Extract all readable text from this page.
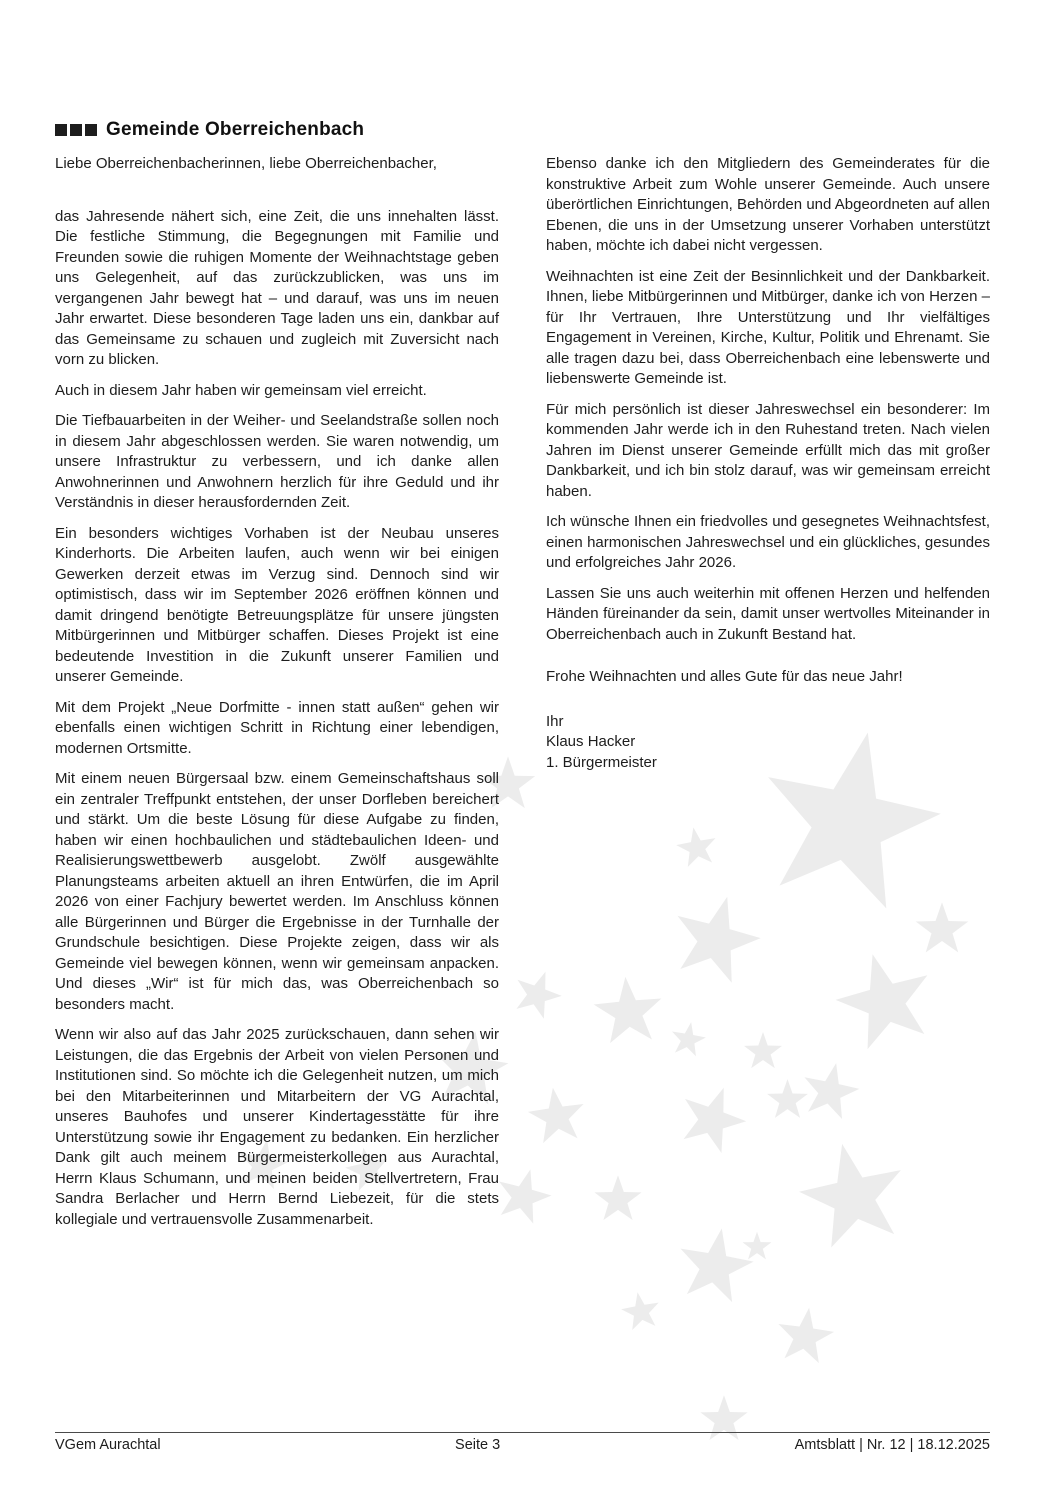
Gemeinde Oberreichenbach

Liebe Oberreichenbacherinnen, liebe Oberreichenbacher,

das Jahresende nähert sich, eine Zeit, die uns innehalten lässt. Die festliche Stimmung, die Begegnungen mit Familie und Freunden sowie die ruhigen Momente der Weihnachtstage geben uns Gelegenheit, auf das zurückzublicken, was uns im vergangenen Jahr bewegt hat – und darauf, was uns im neuen Jahr erwartet. Diese besonderen Tage laden uns ein, dankbar auf das Gemeinsame zu schauen und zugleich mit Zuversicht nach vorn zu blicken.

Auch in diesem Jahr haben wir gemeinsam viel erreicht.

Die Tiefbauarbeiten in der Weiher- und Seelandstraße sollen noch in diesem Jahr abgeschlossen werden. Sie waren notwendig, um unsere Infrastruktur zu verbessern, und ich danke allen Anwohnerinnen und Anwohnern herzlich für ihre Geduld und ihr Verständnis in dieser herausfordernden Zeit.

Ein besonders wichtiges Vorhaben ist der Neubau unseres Kinderhorts. Die Arbeiten laufen, auch wenn wir bei einigen Gewerken derzeit etwas im Verzug sind. Dennoch sind wir optimistisch, dass wir im September 2026 eröffnen können und damit dringend benötigte Betreuungsplätze für unsere jüngsten Mitbürgerinnen und Mitbürger schaffen. Dieses Projekt ist eine bedeutende Investition in die Zukunft unserer Familien und unserer Gemeinde.

Mit dem Projekt „Neue Dorfmitte - innen statt außen“ gehen wir ebenfalls einen wichtigen Schritt in Richtung einer lebendigen, modernen Ortsmitte.

Mit einem neuen Bürgersaal bzw. einem Gemeinschaftshaus soll ein zentraler Treffpunkt entstehen, der unser Dorfleben bereichert und stärkt. Um die beste Lösung für diese Aufgabe zu finden, haben wir einen hochbaulichen und städtebaulichen Ideen- und Realisierungswettbewerb ausgelobt. Zwölf ausgewählte Planungsteams arbeiten aktuell an ihren Entwürfen, die im April 2026 von einer Fachjury bewertet werden. Im Anschluss können alle Bürgerinnen und Bürger die Ergebnisse in der Turnhalle der Grundschule besichtigen. Diese Projekte zeigen, dass wir als Gemeinde viel bewegen können, wenn wir gemeinsam anpacken. Und dieses „Wir“ ist für mich das, was Oberreichenbach so besonders macht.

Wenn wir also auf das Jahr 2025 zurückschauen, dann sehen wir Leistungen, die das Ergebnis der Arbeit von vielen Personen und Institutionen sind. So möchte ich die Gelegenheit nutzen, um mich bei den Mitarbeiterinnen und Mitarbeitern der VG Aurachtal, unseres Bauhofes und unserer Kindertagesstätte für ihre Unterstützung sowie ihr Engagement zu bedanken. Ein herzlicher Dank gilt auch meinem Bürgermeisterkollegen aus Aurachtal, Herrn Klaus Schumann, und meinen beiden Stellvertretern, Frau Sandra Berlacher und Herrn Bernd Liebezeit, für die stets kollegiale und vertrauensvolle Zusammenarbeit.

Ebenso danke ich den Mitgliedern des Gemeinderates für die konstruktive Arbeit zum Wohle unserer Gemeinde. Auch unsere überörtlichen Einrichtungen, Behörden und Abgeordneten auf allen Ebenen, die uns in der Umsetzung unserer Vorhaben unterstützt haben, möchte ich dabei nicht vergessen.

Weihnachten ist eine Zeit der Besinnlichkeit und der Dankbarkeit. Ihnen, liebe Mitbürgerinnen und Mitbürger, danke ich von Herzen – für Ihr Vertrauen, Ihre Unterstützung und Ihr vielfältiges Engagement in Vereinen, Kirche, Kultur, Politik und Ehrenamt. Sie alle tragen dazu bei, dass Oberreichenbach eine lebenswerte und liebenswerte Gemeinde ist.

Für mich persönlich ist dieser Jahreswechsel ein besonderer: Im kommenden Jahr werde ich in den Ruhestand treten. Nach vielen Jahren im Dienst unserer Gemeinde erfüllt mich das mit großer Dankbarkeit, und ich bin stolz darauf, was wir gemeinsam erreicht haben.

Ich wünsche Ihnen ein friedvolles und gesegnetes Weihnachtsfest, einen harmonischen Jahreswechsel und ein glückliches, gesundes und erfolgreiches Jahr 2026.

Lassen Sie uns auch weiterhin mit offenen Herzen und helfenden Händen füreinander da sein, damit unser wertvolles Miteinander in Oberreichenbach auch in Zukunft Bestand hat.

Frohe Weihnachten und alles Gute für das neue Jahr!

Ihr
Klaus Hacker
1. Bürgermeister
VGem Aurachtal	Seite 3	Amtsblatt | Nr. 12 | 18.12.2025
